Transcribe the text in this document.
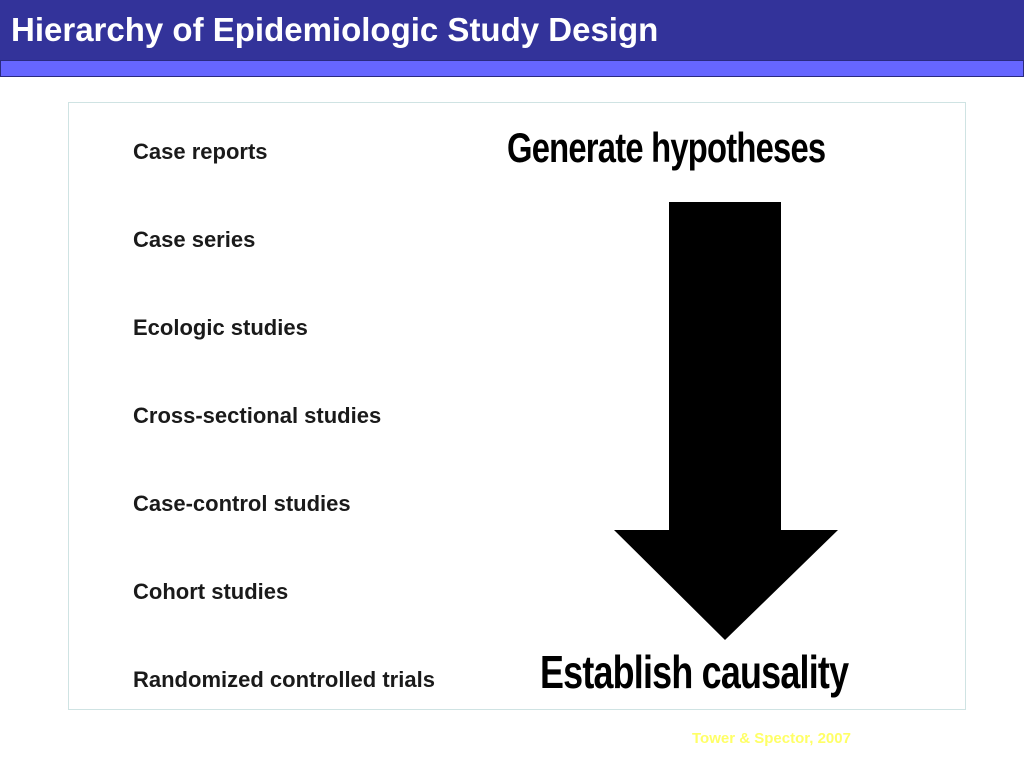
Hierarchy of Epidemiologic Study Design
Case reports
Case series
Ecologic studies
Cross-sectional studies
Case-control studies
Cohort studies
Randomized controlled trials
Generate hypotheses
Establish causality
Tower & Spector, 2007
